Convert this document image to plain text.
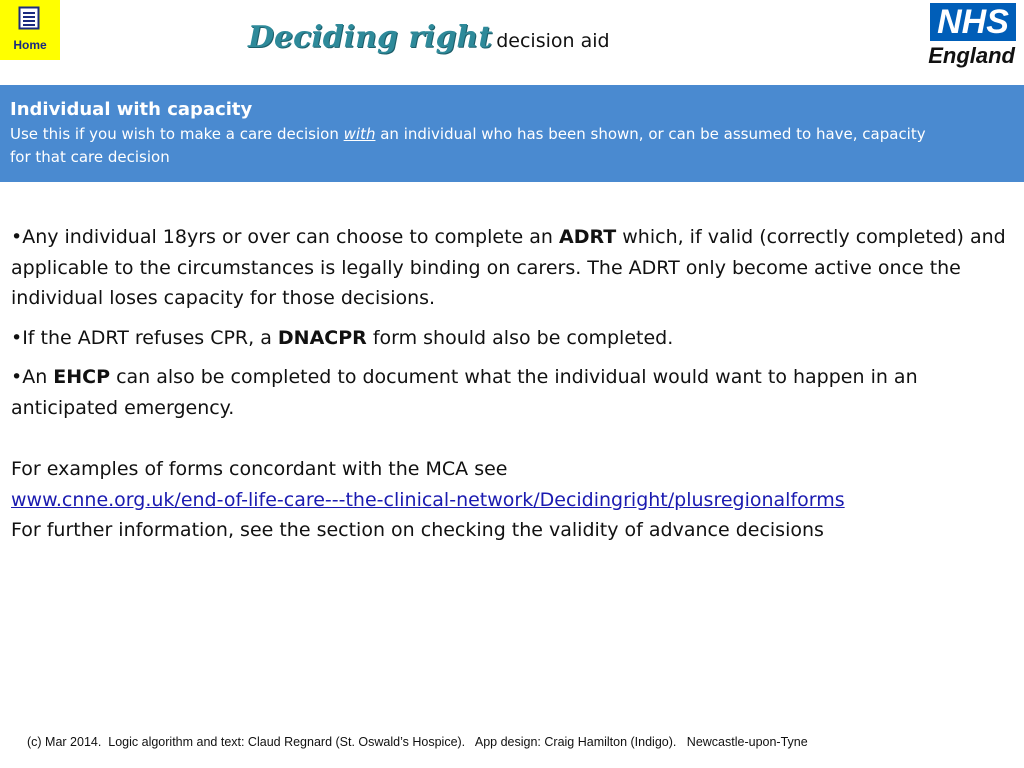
Home	Deciding right decision aid	NHS
England
Individual with capacity
Use this if you wish to make a care decision with an individual who has been shown, or can be assumed to have, capacity for that care decision
•Any individual 18yrs or over can choose to complete an ADRT which, if valid (correctly completed) and applicable to the circumstances is legally binding on carers. The ADRT only become active once the individual loses capacity for those decisions.
•If the ADRT refuses CPR, a DNACPR form should also be completed.
•An EHCP can also be completed to document what the individual would want to happen in an anticipated emergency.
For examples of forms concordant with the MCA see
www.cnne.org.uk/end-of-life-care---the-clinical-network/Decidingright/plusregionalforms
For further information, see the section on checking the validity of advance decisions
(c) Mar 2014.  Logic algorithm and text: Claud Regnard (St. Oswald’s Hospice).   App design: Craig Hamilton (Indigo).   Newcastle-upon-Tyne
